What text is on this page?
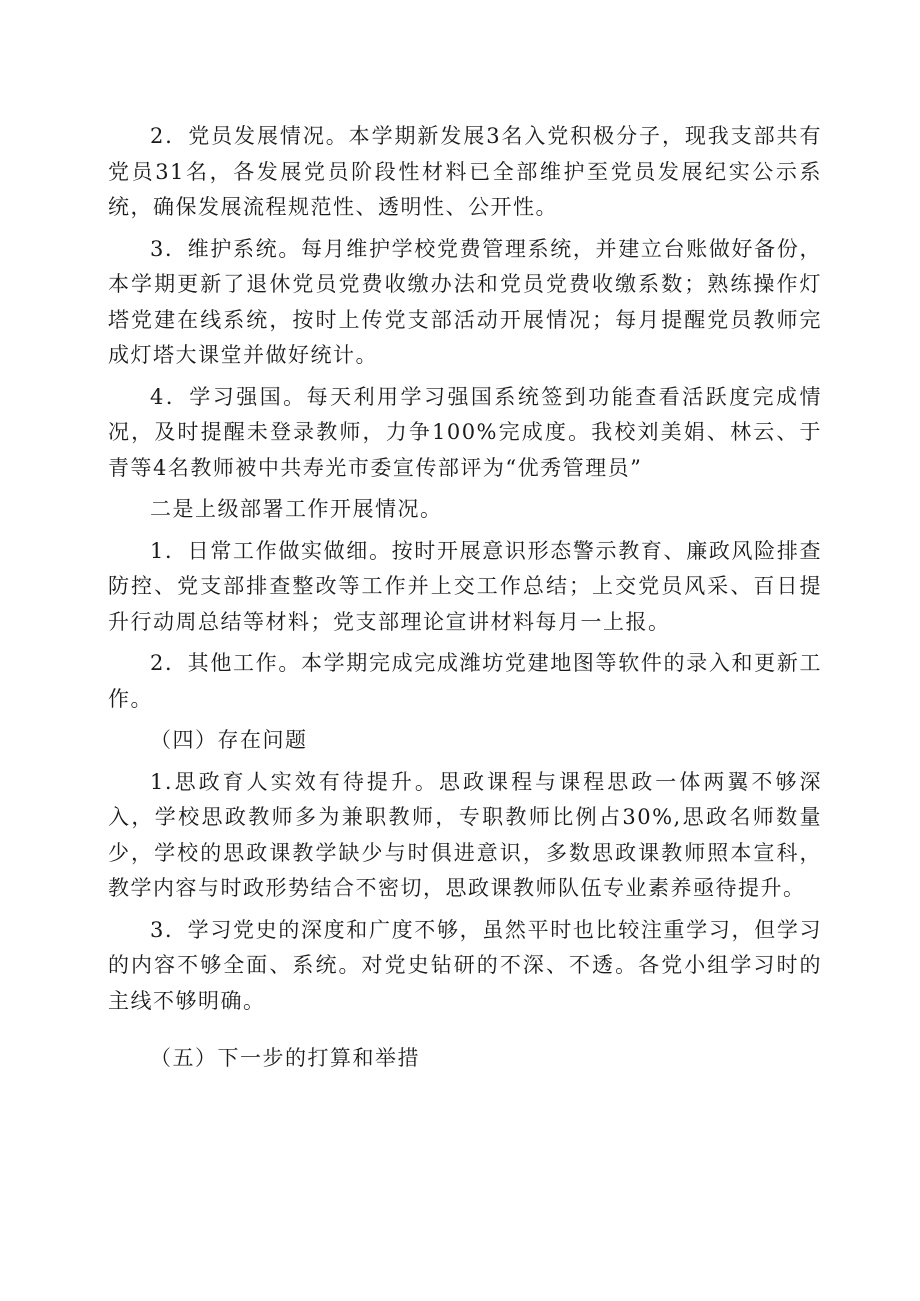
2．党员发展情况。本学期新发展3名入党积极分子，现我支部共有党员31名，各发展党员阶段性材料已全部维护至党员发展纪实公示系统，确保发展流程规范性、透明性、公开性。

3．维护系统。每月维护学校党费管理系统，并建立台账做好备份，本学期更新了退休党员党费收缴办法和党员党费收缴系数；熟练操作灯塔党建在线系统，按时上传党支部活动开展情况；每月提醒党员教师完成灯塔大课堂并做好统计。

4．学习强国。每天利用学习强国系统签到功能查看活跃度完成情况，及时提醒未登录教师，力争100%完成度。我校刘美娟、林云、于青等4名教师被中共寿光市委宣传部评为“优秀管理员”

二是上级部署工作开展情况。

1．日常工作做实做细。按时开展意识形态警示教育、廉政风险排查防控、党支部排查整改等工作并上交工作总结；上交党员风采、百日提升行动周总结等材料；党支部理论宣讲材料每月一上报。

2．其他工作。本学期完成完成潍坊党建地图等软件的录入和更新工作。

（四）存在问题

1.思政育人实效有待提升。思政课程与课程思政一体两翼不够深入，学校思政教师多为兼职教师，专职教师比例占30%,思政名师数量少，学校的思政课教学缺少与时俱进意识，多数思政课教师照本宣科，教学内容与时政形势结合不密切，思政课教师队伍专业素养亟待提升。

3．学习党史的深度和广度不够，虽然平时也比较注重学习，但学习的内容不够全面、系统。对党史钻研的不深、不透。各党小组学习时的主线不够明确。

（五）下一步的打算和举措
